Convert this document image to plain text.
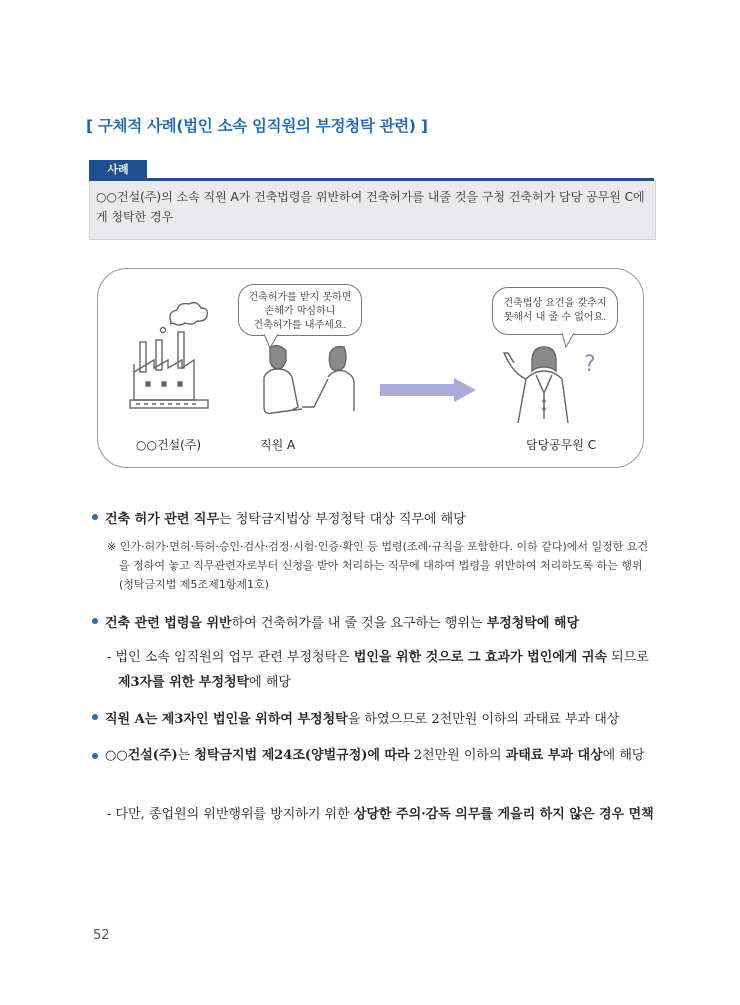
[ 구체적 사례(법인 소속 임직원의 부정청탁 관련) ]
사례
○○건설(주)의 소속 직원 A가 건축법령을 위반하여 건축허가를 내줄 것을 구청 건축허가 담당 공무원 C에게 청탁한 경우
건축허가를 받지 못하면
손해가 막심하니
건축허가를 내주세요.
건축법상 요건을 갖추지
못해서 내 줄 수 없어요.
?
○○건설(주)	직원 A	담당공무원 C
건축 허가 관련 직무는 청탁금지법상 부정청탁 대상 직무에 해당
※ 인가·허가·면허·특허·승인·검사·검정·시험·인증·확인 등 법령(조례·규칙을 포함한다. 이하 같다)에서 일정한 요건을 정하여 놓고 직무관련자로부터 신청을 받아 처리하는 직무에 대하여 법령을 위반하여 처리하도록 하는 행위(청탁금지법 제5조제1항제1호)
건축 관련 법령을 위반하여 건축허가를 내 줄 것을 요구하는 행위는 부정청탁에 해당
- 법인 소속 임직원의 업무 관련 부정청탁은 법인을 위한 것으로 그 효과가 법인에게 귀속 되므로 제3자를 위한 부정청탁에 해당
직원 A는 제3자인 법인을 위하여 부정청탁을 하였으므로 2천만원 이하의 과태료 부과 대상
○○건설(주)는 청탁금지법 제24조(양벌규정)에 따라 2천만원 이하의 과태료 부과 대상에 해당
- 다만, 종업원의 위반행위를 방지하기 위한 상당한 주의·감독 의무를 게을리 하지 않은 경우 면책
52
